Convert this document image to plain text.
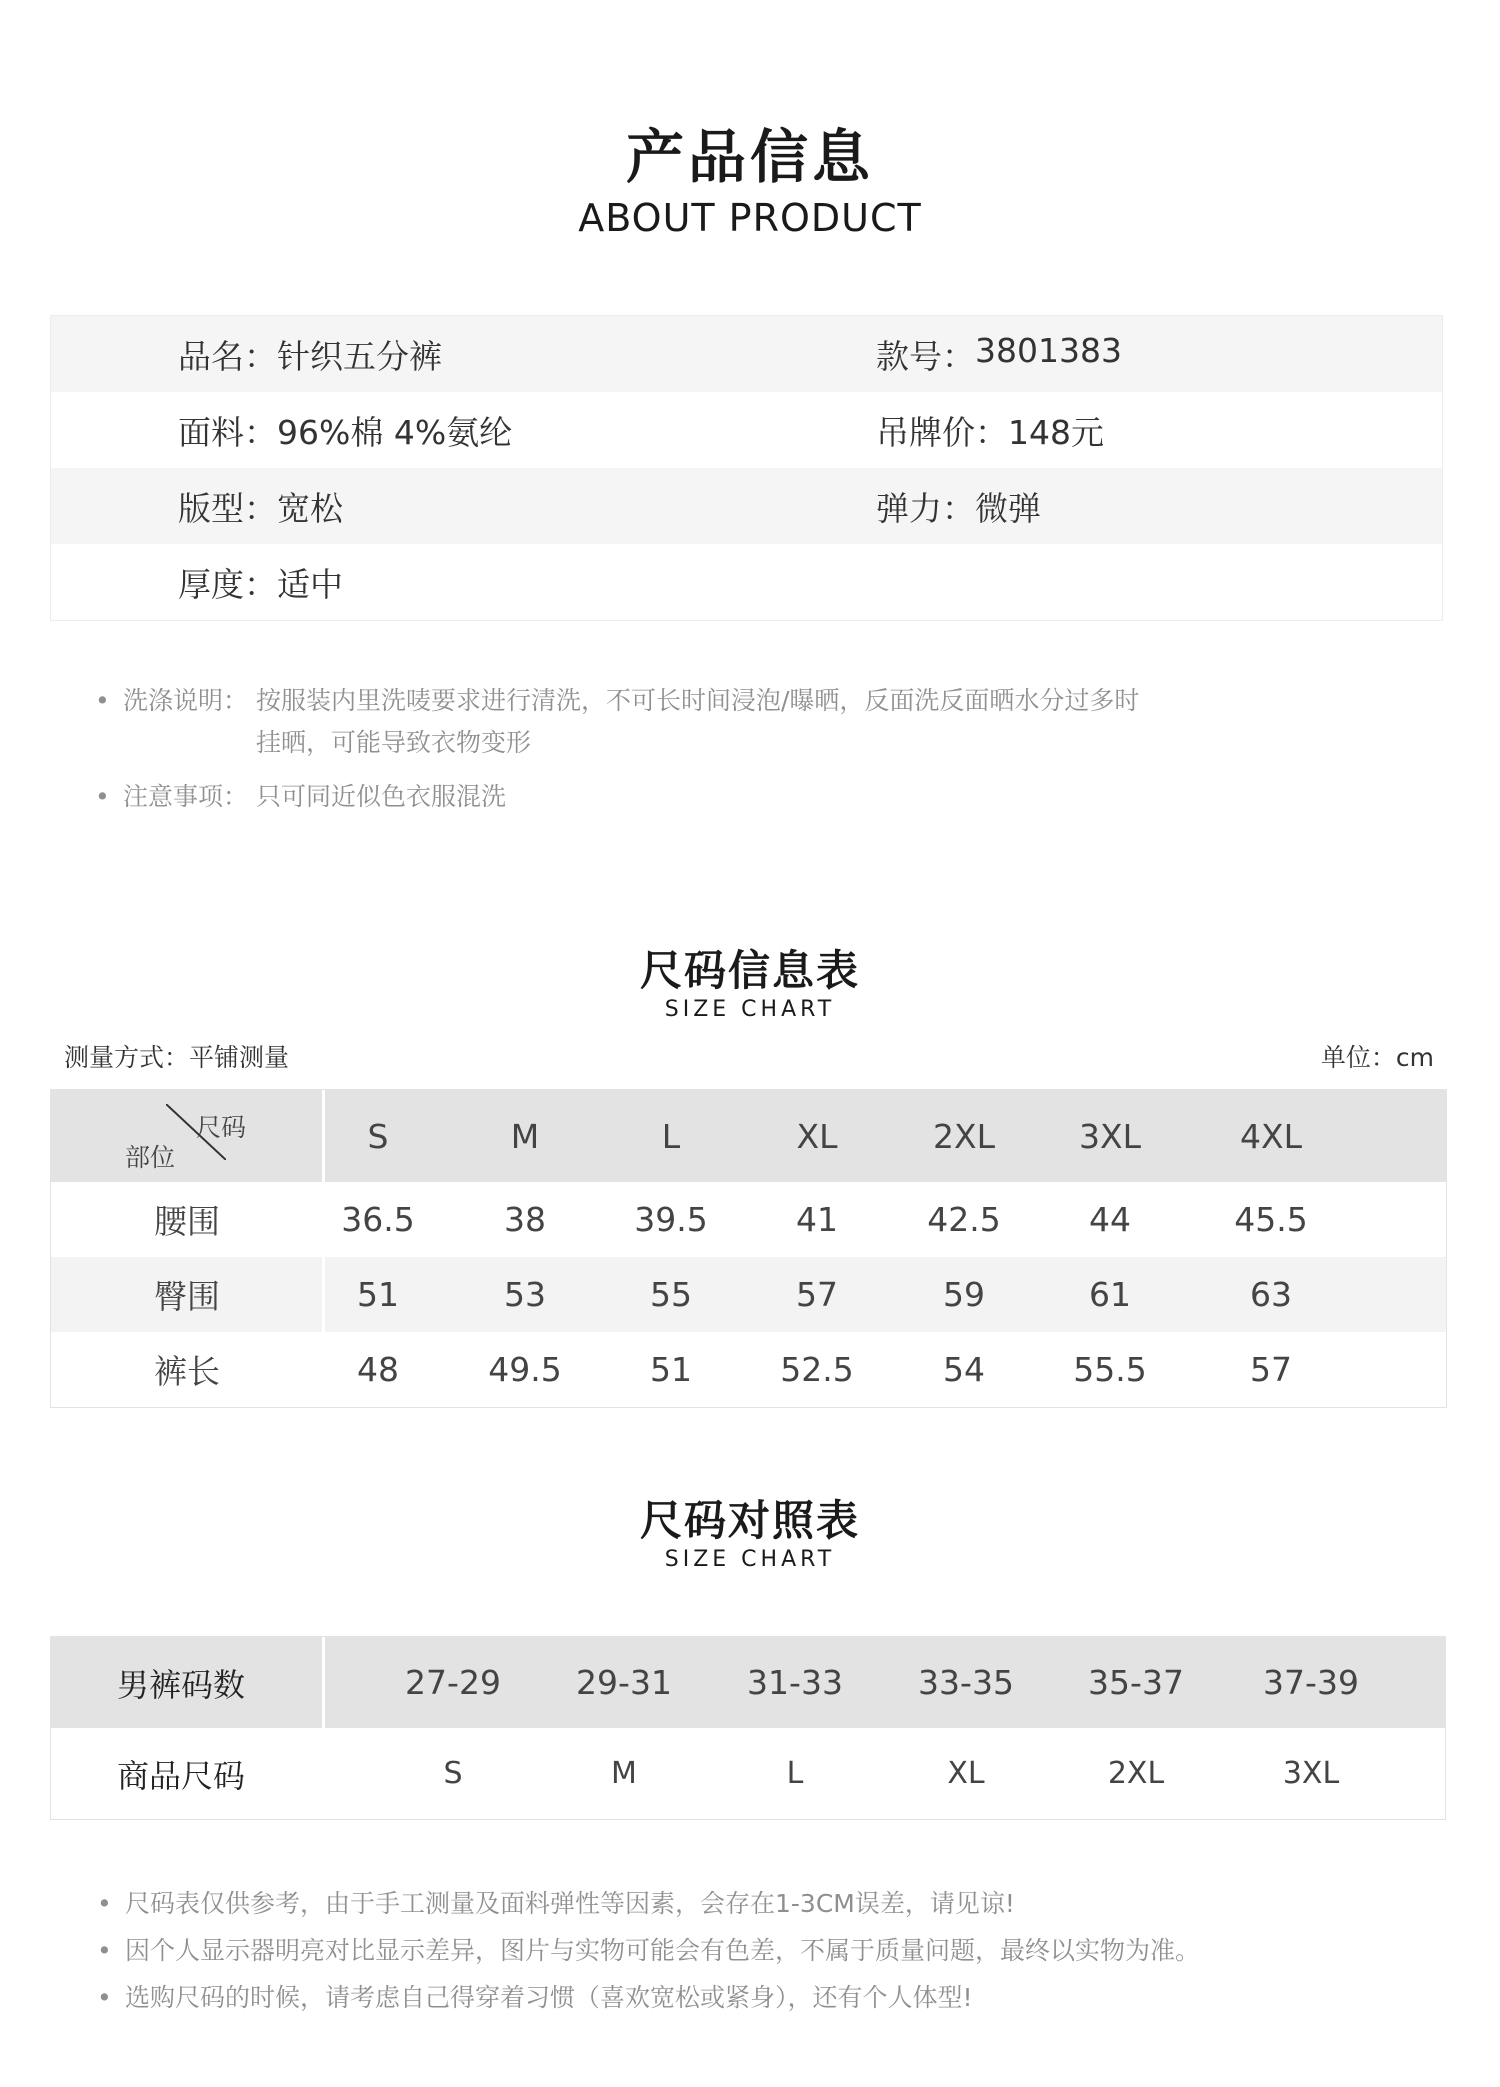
产品信息
ABOUT PRODUCT
品名： 针织五分裤	款号： 3801383
面料： 96%棉 4%氨纶	吊牌价： 148元
版型： 宽松	弹力： 微弹
厚度： 适中
• 洗涤说明： 按服装内里洗唛要求进行清洗，不可长时间浸泡/曝晒，反面洗反面晒水分过多时挂晒，可能导致衣物变形
• 注意事项： 只可同近似色衣服混洗
尺码信息表
SIZE CHART
测量方式：平铺测量	单位：cm
尺码
部位
S	M	L	XL	2XL	3XL	4XL
腰围	36.5	38	39.5	41	42.5	44	45.5
臀围	51	53	55	57	59	61	63
裤长	48	49.5	51	52.5	54	55.5	57
尺码对照表
SIZE CHART
男裤码数	27-29	29-31	31-33	33-35	35-37	37-39
商品尺码	S	M	L	XL	2XL	3XL
• 尺码表仅供参考，由于手工测量及面料弹性等因素，会存在1-3CM误差，请见谅!
• 因个人显示器明亮对比显示差异，图片与实物可能会有色差，不属于质量问题，最终以实物为准。
• 选购尺码的时候，请考虑自己得穿着习惯（喜欢宽松或紧身），还有个人体型!
